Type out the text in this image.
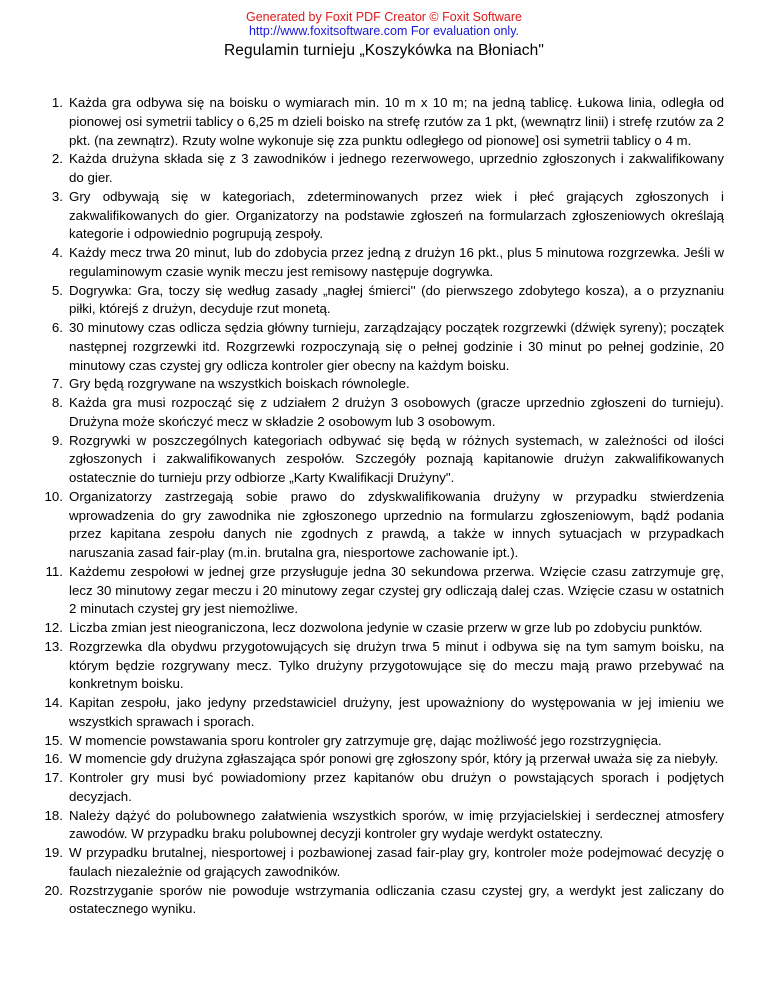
Generated by Foxit PDF Creator © Foxit Software
http://www.foxitsoftware.com For evaluation only.
Regulamin turnieju „Koszykówka na Błoniach"
1. Każda gra odbywa się na boisku o wymiarach min. 10 m x 10 m; na jedną tablicę. Łukowa linia, odległa od pionowej osi symetrii tablicy o 6,25 m dzieli boisko na strefę rzutów za 1 pkt, (wewnątrz linii) i strefę rzutów za 2 pkt. (na zewnątrz). Rzuty wolne wykonuje się zza punktu odległego od pionowe] osi symetrii tablicy o 4 m.
2. Każda drużyna składa się z 3 zawodników i jednego rezerwowego, uprzednio zgłoszonych i zakwalifikowany do gier.
3. Gry odbywają się w kategoriach, zdeterminowanych przez wiek i płeć grających zgłoszonych i zakwalifikowanych do gier. Organizatorzy na podstawie zgłoszeń na formularzach zgłoszeniowych określają kategorie i odpowiednio pogrupują zespoły.
4. Każdy mecz trwa 20 minut, lub do zdobycia przez jedną z drużyn 16 pkt., plus 5 minutowa rozgrzewka. Jeśli w regulaminowym czasie wynik meczu jest remisowy następuje dogrywka.
5. Dogrywka: Gra, toczy się według zasady „nagłej śmierci'' (do pierwszego zdobytego kosza), a o przyznaniu piłki, którejś z drużyn, decyduje rzut monetą.
6. 30 minutowy czas odlicza sędzia główny turnieju, zarządzający początek rozgrzewki (dźwięk syreny); początek następnej rozgrzewki itd. Rozgrzewki rozpoczynają się o pełnej godzinie i 30 minut po pełnej godzinie, 20 minutowy czas czystej gry odlicza kontroler gier obecny na każdym boisku.
7. Gry będą rozgrywane na wszystkich boiskach równolegle.
8. Każda gra musi rozpocząć się z udziałem 2 drużyn 3 osobowych (gracze uprzednio zgłoszeni do turnieju). Drużyna może skończyć mecz w składzie 2 osobowym lub 3 osobowym.
9. Rozgrywki w poszczególnych kategoriach odbywać się będą w różnych systemach, w zależności od ilości zgłoszonych i zakwalifikowanych zespołów. Szczegóły poznają kapitanowie drużyn zakwalifikowanych ostatecznie do turnieju przy odbiorze „Karty Kwalifikacji Drużyny".
10. Organizatorzy zastrzegają sobie prawo do zdyskwalifikowania drużyny w przypadku stwierdzenia wprowadzenia do gry zawodnika nie zgłoszonego uprzednio na formularzu zgłoszeniowym, bądź podania przez kapitana zespołu danych nie zgodnych z prawdą, a także w innych sytuacjach w przypadkach naruszania zasad fair-play (m.in. brutalna gra, niesportowe zachowanie ipt.).
11. Każdemu zespołowi w jednej grze przysługuje jedna 30 sekundowa przerwa. Wzięcie czasu zatrzymuje grę, lecz 30 minutowy zegar meczu i 20 minutowy zegar czystej gry odliczają dalej czas. Wzięcie czasu w ostatnich 2 minutach czystej gry jest niemożliwe.
12. Liczba zmian jest nieograniczona, lecz dozwolona jedynie w czasie przerw w grze lub po zdobyciu punktów.
13. Rozgrzewka dla obydwu przygotowujących się drużyn trwa 5 minut i odbywa się na tym samym boisku, na którym będzie rozgrywany mecz. Tylko drużyny przygotowujące się do meczu mają prawo przebywać na konkretnym boisku.
14. Kapitan zespołu, jako jedyny przedstawiciel drużyny, jest upoważniony do występowania w jej imieniu we wszystkich sprawach i sporach.
15. W momencie powstawania sporu kontroler gry zatrzymuje grę, dając możliwość jego rozstrzygnięcia.
16. W momencie gdy drużyna zgłaszająca spór ponowi grę zgłoszony spór, który ją przerwał uważa się za niebyły.
17. Kontroler gry musi być powiadomiony przez kapitanów obu drużyn o powstających sporach i podjętych decyzjach.
18. Należy dążyć do polubownego załatwienia wszystkich sporów, w imię przyjacielskiej i serdecznej atmosfery zawodów. W przypadku braku polubownej decyzji kontroler gry wydaje werdykt ostateczny.
19. W przypadku brutalnej, niesportowej i pozbawionej zasad fair-play gry, kontroler może podejmować decyzję o faulach niezależnie od grających zawodników.
20. Rozstrzyganie sporów nie powoduje wstrzymania odliczania czasu czystej gry, a werdykt jest zaliczany do ostatecznego wyniku.
